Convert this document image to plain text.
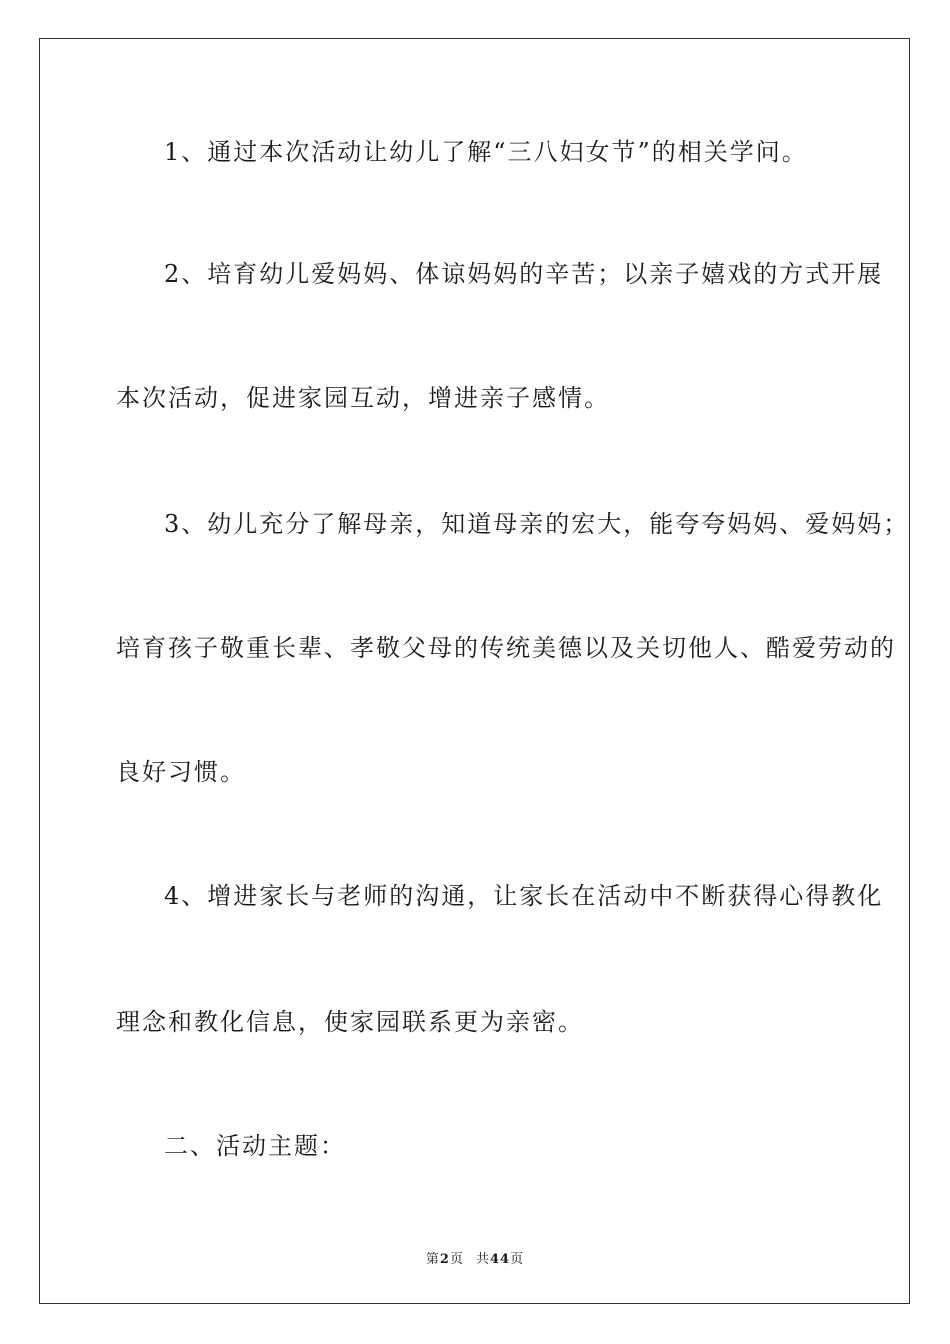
1、通过本次活动让幼儿了解“三八妇女节”的相关学问。
2、培育幼儿爱妈妈、体谅妈妈的辛苦；以亲子嬉戏的方式开展
本次活动，促进家园互动，增进亲子感情。
3、幼儿充分了解母亲，知道母亲的宏大，能夸夸妈妈、爱妈妈；
培育孩子敬重长辈、孝敬父母的传统美德以及关切他人、酷爱劳动的
良好习惯。
4、增进家长与老师的沟通，让家长在活动中不断获得心得教化
理念和教化信息，使家园联系更为亲密。
二、活动主题：
第2页 共44页
